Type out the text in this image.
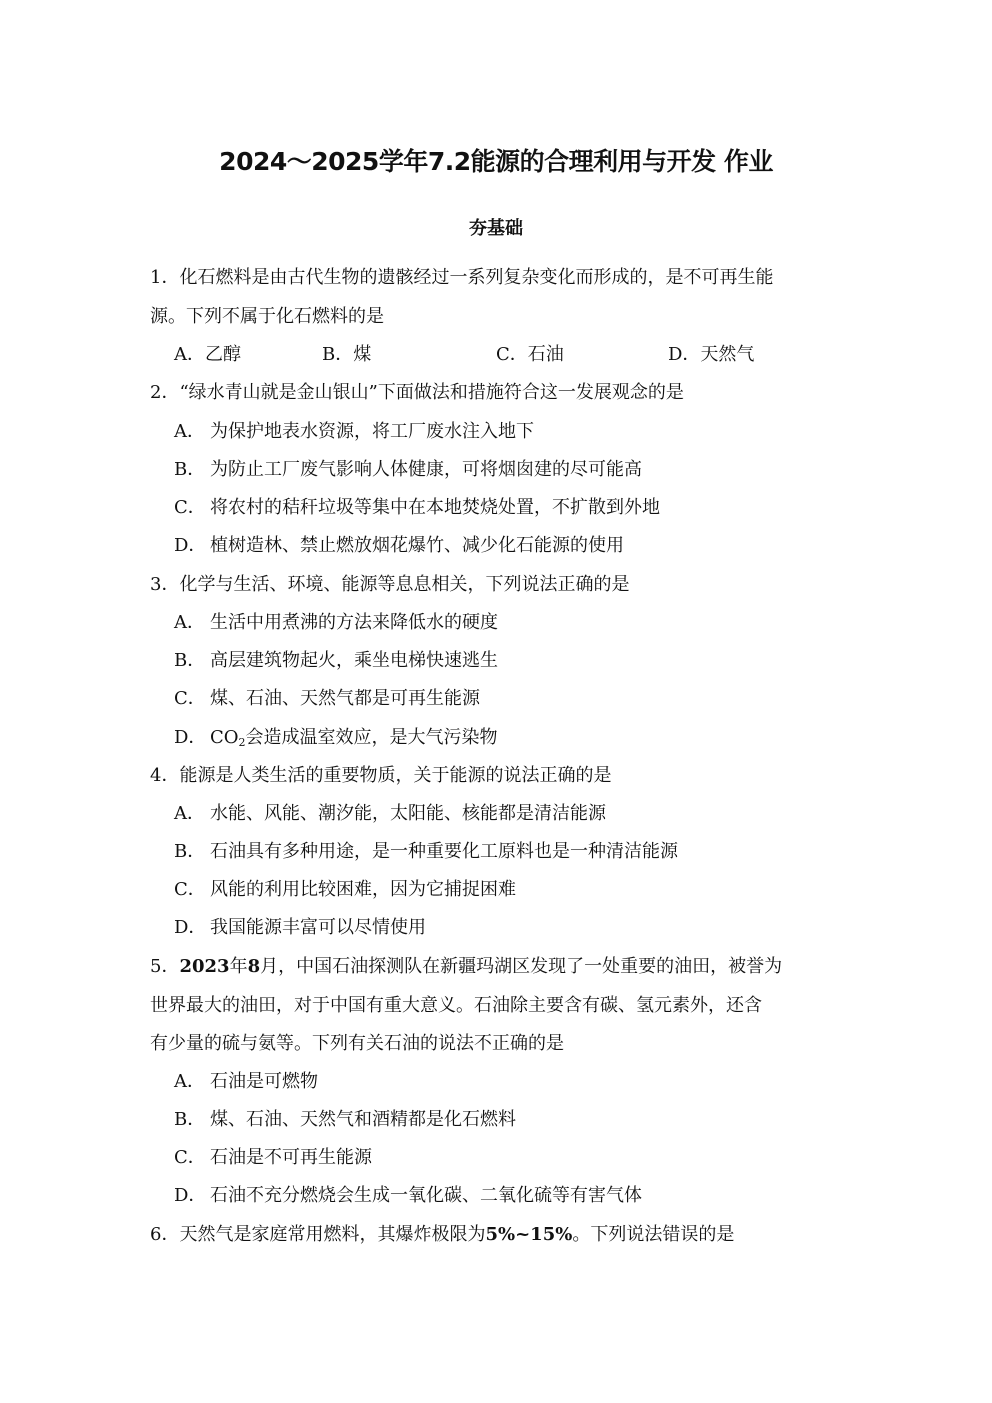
2024～2025学年7.2能源的合理利用与开发 作业
夯基础
1．化石燃料是由古代生物的遗骸经过一系列复杂变化而形成的，是不可再生能
源。下列不属于化石燃料的是
A．乙醇	B．煤	C．石油	D．天然气
2．“绿水青山就是金山银山”下面做法和措施符合这一发展观念的是
A． 为保护地表水资源，将工厂废水注入地下
B． 为防止工厂废气影响人体健康，可将烟囱建的尽可能高
C． 将农村的秸秆垃圾等集中在本地焚烧处置，不扩散到外地
D． 植树造林、禁止燃放烟花爆竹、减少化石能源的使用
3．化学与生活、环境、能源等息息相关，下列说法正确的是
A． 生活中用煮沸的方法来降低水的硬度
B． 高层建筑物起火，乘坐电梯快速逃生
C． 煤、石油、天然气都是可再生能源
D． $CO_2$会造成温室效应，是大气污染物
4．能源是人类生活的重要物质，关于能源的说法正确的是
A． 水能、风能、潮汐能，太阳能、核能都是清洁能源
B． 石油具有多种用途，是一种重要化工原料也是一种清洁能源
C． 风能的利用比较困难，因为它捕捉困难
D． 我国能源丰富可以尽情使用
5．2023年8月，中国石油探测队在新疆玛湖区发现了一处重要的油田，被誉为
世界最大的油田，对于中国有重大意义。石油除主要含有碳、氢元素外，还含
有少量的硫与氨等。下列有关石油的说法不正确的是
A． 石油是可燃物
B． 煤、石油、天然气和酒精都是化石燃料
C． 石油是不可再生能源
D． 石油不充分燃烧会生成一氧化碳、二氧化硫等有害气体
6．天然气是家庭常用燃料，其爆炸极限为5%~15%。下列说法错误的是
